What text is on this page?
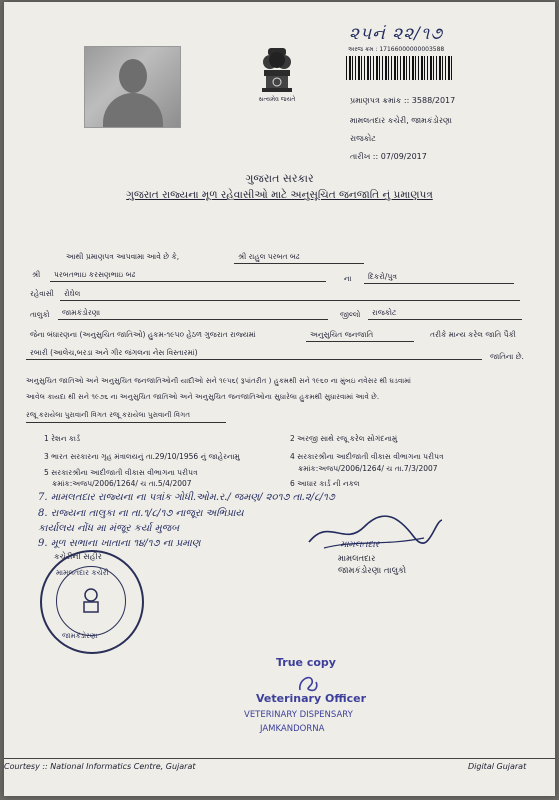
સત્યમેવ જયતે
૨૫નં ૨૨/૧૭
અરજ ક્રમ : 17166000000003588
પ્રમાણપત્ર ક્રમાંક :: 3588/2017
મામલતદાર કચેરી, જામકંડોરણા
રાજકોટ
તારીખ :: 07/09/2017
ગુજરાત સરકાર
ગુજરાત રાજ્યના મૂળ રહેવાસીઓ માટે અનુસૂચિત જનજાતિ નું પ્રમાણપત્ર
આથી પ્રમાણપત્ર આપવામા આવે છે કે,	શ્રી રાહુલ પરબત બઢ
શ્રી પરબતભાઇ કરસણભાઇ બઢ	ના દિકરો/પુત્ર
રહેવાસી રોઘેલ
તાલુકો જામકંડોરણા	જીલ્લો રાજકોટ
જેના બંધારણના (અનુસુચિત જાતિઓ) હુકમ-૧૯૫૦ હેઠળ ગુજરાત રાજ્યમાં	અનુસુચિત જનજાતિ	તરીકે માન્ય કરેલ જાતિ પૈકી
રબારી (આલેચ,બરડા અને ગીર જંગલના નેસ વિસ્તારમાં)	જાતિના છે.
અનુસુચિત જાતિઓ અને અનુસુચિત જનજાતિઓની યાદીઓ સને ૧૯૫૬( રૂપાંતરીત ) હુકમથી સને ૧૯૬૦ ના મુંબઇ નવેસર થી ઘડવામાં
આવેલ કાયદા થી સને ૧૯૭૬ ના અનુસુચિત જાતિઓ અને અનુસુચિત જનજાતિઓના સુધારેલા હુકમથી સુધારવામાં આવે છે.
રજૂ કરાયેલા પુરાવાની વિગત રજૂ કરાયેલા પુરાવાની વિગત
1 રેશન કાર્ડ	2 અરજી સાથે રજૂ કરેલ સોગંદનામું
3 ભારત સરકારના ગૃહ મંત્રાલયનું તા.29/10/1956 નું જાહેરનામુ	4 સરકારશ્રીના આદીજાતી વીકાસ વીભાગના પરીપત્ર
ક્રમાંક:અજપ/2006/1264/ ચ તા.7/3/2007
5 સરકારશ્રીના આદીજાતી વીકાસ વીભાગના પરીપત્ર
ક્રમાંક:અજપ/2006/1264/ ચ તા.5/4/2007	6 આધાર કાર્ડ ની નકલ
7. મામલતદાર રાજ્યના ના પત્રાંક ગોધી.ઓમ.ર./ જમણ/ ૨૦૧૭ તા.૨/૮/૧૭
8. રાજ્યના તાલુકા ના તા.૧/૮/૧૭ નાજૂરા અભિપ્રાય
કાર્યાલય નોંધ મા મંજૂર કર્યા મુજબ
9. મૂળ સભાના ખાતાના ૧૪/૧૭ ના પ્રમાણ
કચેરીની સહીર
મામલતદાર
મામલતદાર
જામકંડોરણા તાલુકો
મામલતદાર કચેરી
જામકંડોરણા
True copy
Veterinary Officer
VETERINARY DISPENSARY
JAMKANDORNA
Courtesy :: National Informatics Centre, Gujarat	Digital Gujarat
